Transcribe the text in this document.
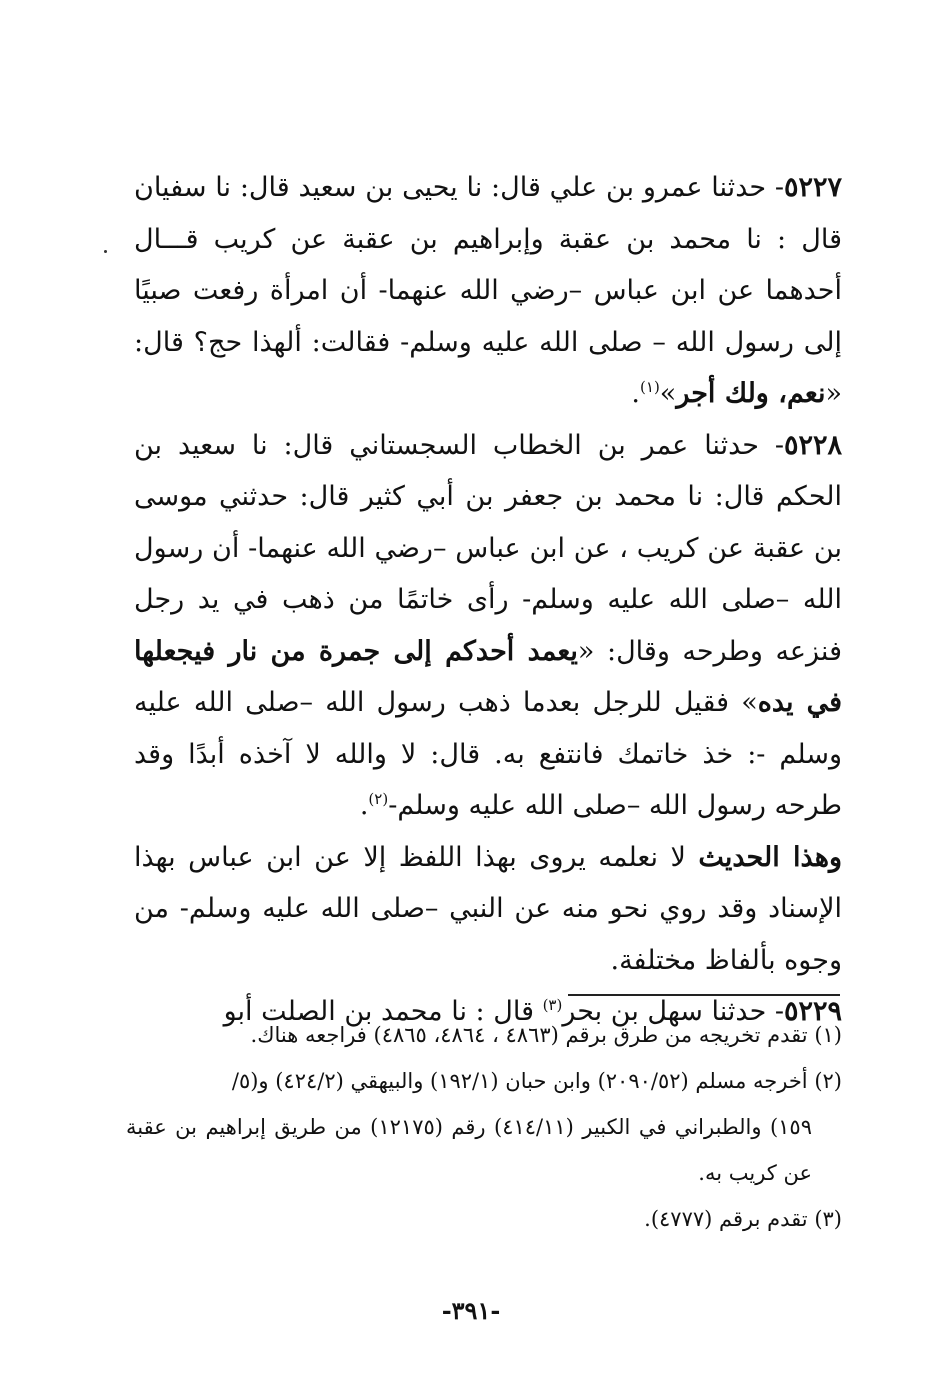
٥٢٢٧- حدثنا عمرو بن علي قال: نا يحيى بن سعيد قال: نا سفيان قال : نا محمد بن عقبة وإبراهيم بن عقبة عن كريب قـــال أحدهما عن ابن عباس –رضي الله عنهما- أن امرأة رفعت صبيًا إلى رسول الله – صلى الله عليه وسلم- فقالت: ألهذا حج؟ قال: «نعم، ولك أجر»$^{(١)}$.

٥٢٢٨- حدثنا عمر بن الخطاب السجستاني قال: نا سعيد بن الحكم قال: نا محمد بن جعفر بن أبي كثير قال: حدثني موسى بن عقبة عن كريب ، عن ابن عباس –رضي الله عنهما- أن رسول الله –صلى الله عليه وسلم- رأى خاتمًا من ذهب في يد رجل فنزعه وطرحه وقال: «يعمد أحدكم إلى جمرة من نار فيجعلها في يده» فقيل للرجل بعدما ذهب رسول الله –صلى الله عليه وسلم -: خذ خاتمك فانتفع به. قال: لا والله لا آخذه أبدًا وقد طرحه رسول الله –صلى الله عليه وسلم-$^{(٢)}$.

وهذا الحديث لا نعلمه يروى بهذا اللفظ إلا عن ابن عباس بهذا الإسناد وقد روي نحو منه عن النبي –صلى الله عليه وسلم- من وجوه بألفاظ مختلفة.

٥٢٢٩- حدثنا سهل بن بحر$^{(٣)}$ قال : نا محمد بن الصلت أبو

(١) تقدم تخريجه من طرق برقم (٤٨٦٣ ، ٤٨٦٤، ٤٨٦٥) فراجعه هناك.

(٢) أخرجه مسلم (٢٠٩٠/٥٢) وابن حبان (١٩٢/١) والبيهقي (٤٢٤/٢) و(٥/
١٥٩) والطبراني في الكبير (٤١٤/١١) رقم (١٢١٧٥) من طريق إبراهيم بن عقبة عن كريب به.

(٣) تقدم برقم (٤٧٧٧).

-٣٩١-
